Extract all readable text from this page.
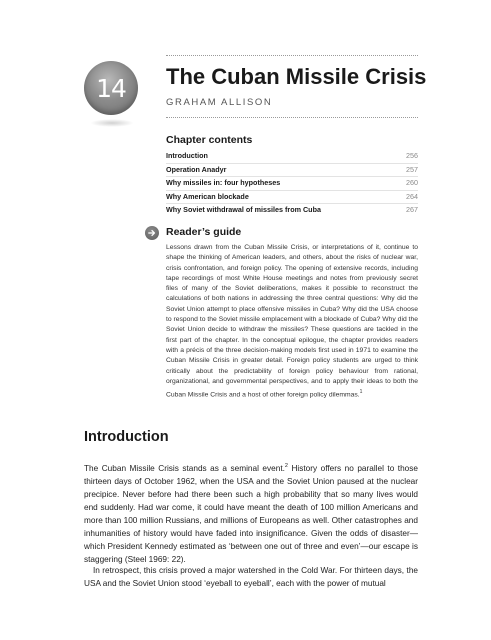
14 The Cuban Missile Crisis
GRAHAM ALLISON
Chapter contents
Introduction	256
Operation Anadyr	257
Why missiles in: four hypotheses	260
Why American blockade	264
Why Soviet withdrawal of missiles from Cuba	267
Reader’s guide

Lessons drawn from the Cuban Missile Crisis, or interpretations of it, continue to shape the thinking of American leaders, and others, about the risks of nuclear war, crisis confrontation, and foreign policy. The opening of extensive records, including tape recordings of most White House meetings and notes from previously secret files of many of the Soviet deliberations, makes it possible to reconstruct the calculations of both nations in addressing the three central questions: Why did the Soviet Union attempt to place offensive missiles in Cuba? Why did the USA choose to respond to the Soviet missile emplacement with a blockade of Cuba? Why did the Soviet Union decide to withdraw the missiles? These questions are tackled in the first part of the chapter. In the conceptual epilogue, the chapter provides readers with a précis of the three decision-making models first used in 1971 to examine the Cuban Missile Crisis in greater detail. Foreign policy students are urged to think critically about the predictability of foreign policy behaviour from rational, organizational, and governmental perspectives, and to apply their ideas to both the Cuban Missile Crisis and a host of other foreign policy dilemmas.$^1$

Introduction

The Cuban Missile Crisis stands as a seminal event.$^2$ History offers no parallel to those thirteen days of October 1962, when the USA and the Soviet Union paused at the nuclear precipice. Never before had there been such a high probability that so many lives would end suddenly. Had war come, it could have meant the death of 100 million Americans and more than 100 million Russians, and millions of Europeans as well. Other catastrophes and inhumanities of history would have faded into insignificance. Given the odds of disaster—which President Kennedy estimated as ‘between one out of three and even’—our escape is staggering (Steel 1969: 22).

In retrospect, this crisis proved a major watershed in the Cold War. For thirteen days, the USA and the Soviet Union stood ‘eyeball to eyeball’, each with the power of mutual
